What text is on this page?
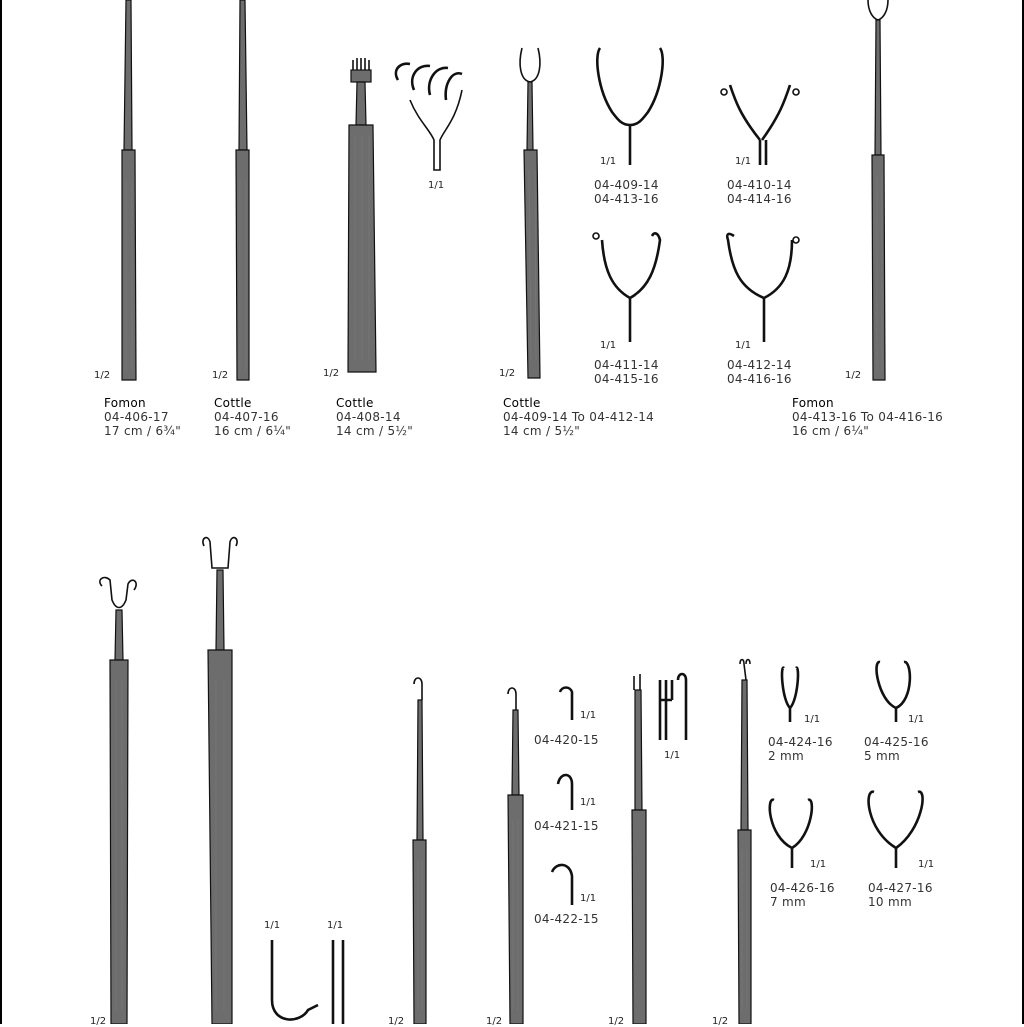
1/2	1/2	1/2
1/1
1/2
1/1	1/1
1/1	1/1
1/2
04-409-14
04-413-16
04-410-14
04-414-16
04-411-14
04-415-16
04-412-14
04-416-16
Fomon
04-406-17
17 cm / 6¾"
Cottle
04-407-16
16 cm / 6¼"
Cottle
04-408-14
14 cm / 5½"
Cottle
04-409-14 To 04-412-14
14 cm / 5½"
Fomon
04-413-16 To 04-416-16
16 cm / 6¼"
1/2
1/1	1/1
1/2	1/2
1/1
1/1
1/1
1/2
1/1
1/2
1/1	1/1
1/1	1/1
04-420-15
04-421-15
04-422-15
04-424-16
2 mm
04-425-16
5 mm
04-426-16
7 mm
04-427-16
10 mm
